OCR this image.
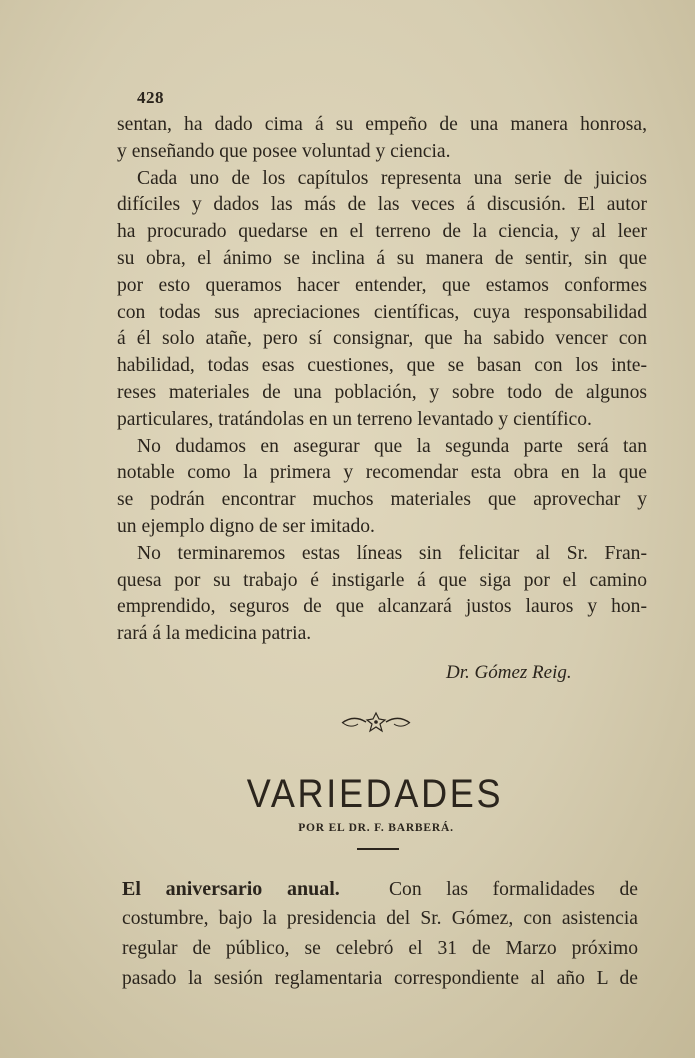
428
sentan, ha dado cima á su empeño de una manera honrosa,
y enseñando que posee voluntad y ciencia.
Cada uno de los capítulos representa una serie de juicios
difíciles y dados las más de las veces á discusión. El autor
ha procurado quedarse en el terreno de la ciencia, y al leer
su obra, el ánimo se inclina á su manera de sentir, sin que
por esto queramos hacer entender, que estamos conformes
con todas sus apreciaciones científicas, cuya responsabilidad
á él solo atañe, pero sí consignar, que ha sabido vencer con
habilidad, todas esas cuestiones, que se basan con los inte-
reses materiales de una población, y sobre todo de algunos
particulares, tratándolas en un terreno levantado y científico.
No dudamos en asegurar que la segunda parte será tan
notable como la primera y recomendar esta obra en la que
se podrán encontrar muchos materiales que aprovechar y
un ejemplo digno de ser imitado.
No terminaremos estas líneas sin felicitar al Sr. Fran-
quesa por su trabajo é instigarle á que siga por el camino
emprendido, seguros de que alcanzará justos lauros y hon-
rará á la medicina patria.
Dr. Gómez Reig.
VARIEDADES
POR EL DR. F. BARBERÁ.
El aniversario anual.	Con las formalidades de
costumbre, bajo la presidencia del Sr. Gómez, con asistencia
regular de público, se celebró el 31 de Marzo próximo
pasado la sesión reglamentaria correspondiente al año L de
